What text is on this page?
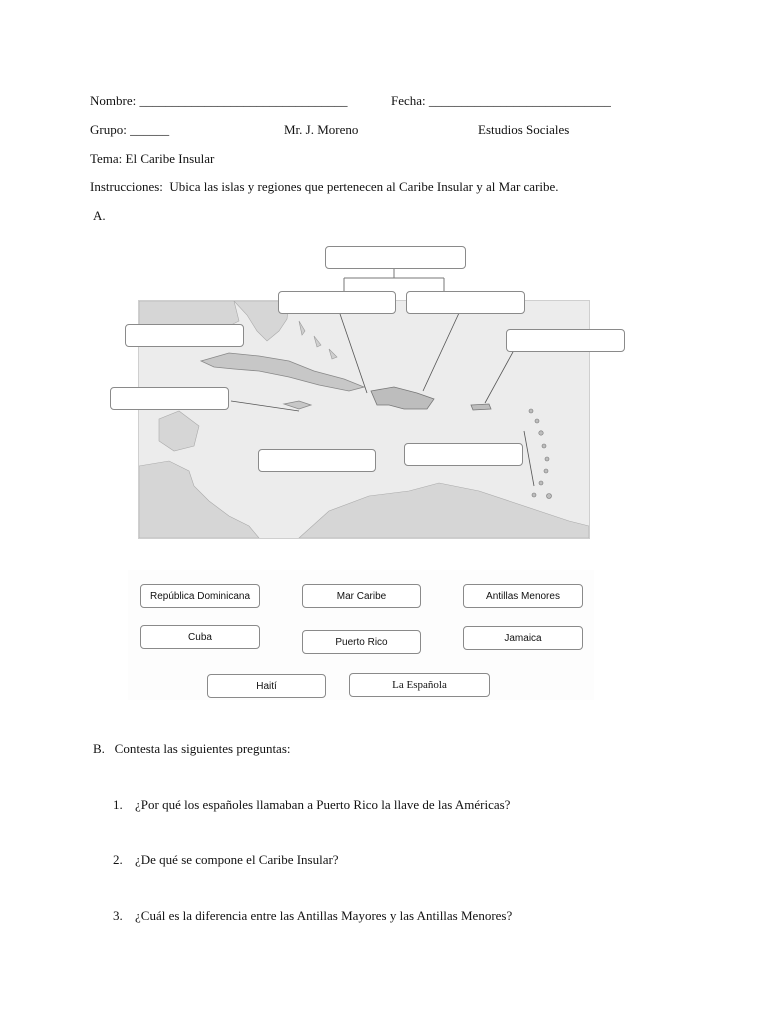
Nombre: ________________________________	Fecha: ____________________________
Grupo: ______	Mr. J. Moreno	Estudios Sociales
Tema: El Caribe Insular
Instrucciones:  Ubica las islas y regiones que pertenecen al Caribe Insular y al Mar caribe.
A.
República Dominicana	Mar Caribe	Antillas Menores
Cuba	Puerto Rico	Jamaica
Haití	La Española
B.   Contesta las siguientes preguntas:
1. ¿Por qué los españoles llamaban a Puerto Rico la llave de las Américas?
2. ¿De qué se compone el Caribe Insular?
3. ¿Cuál es la diferencia entre las Antillas Mayores y las Antillas Menores?
